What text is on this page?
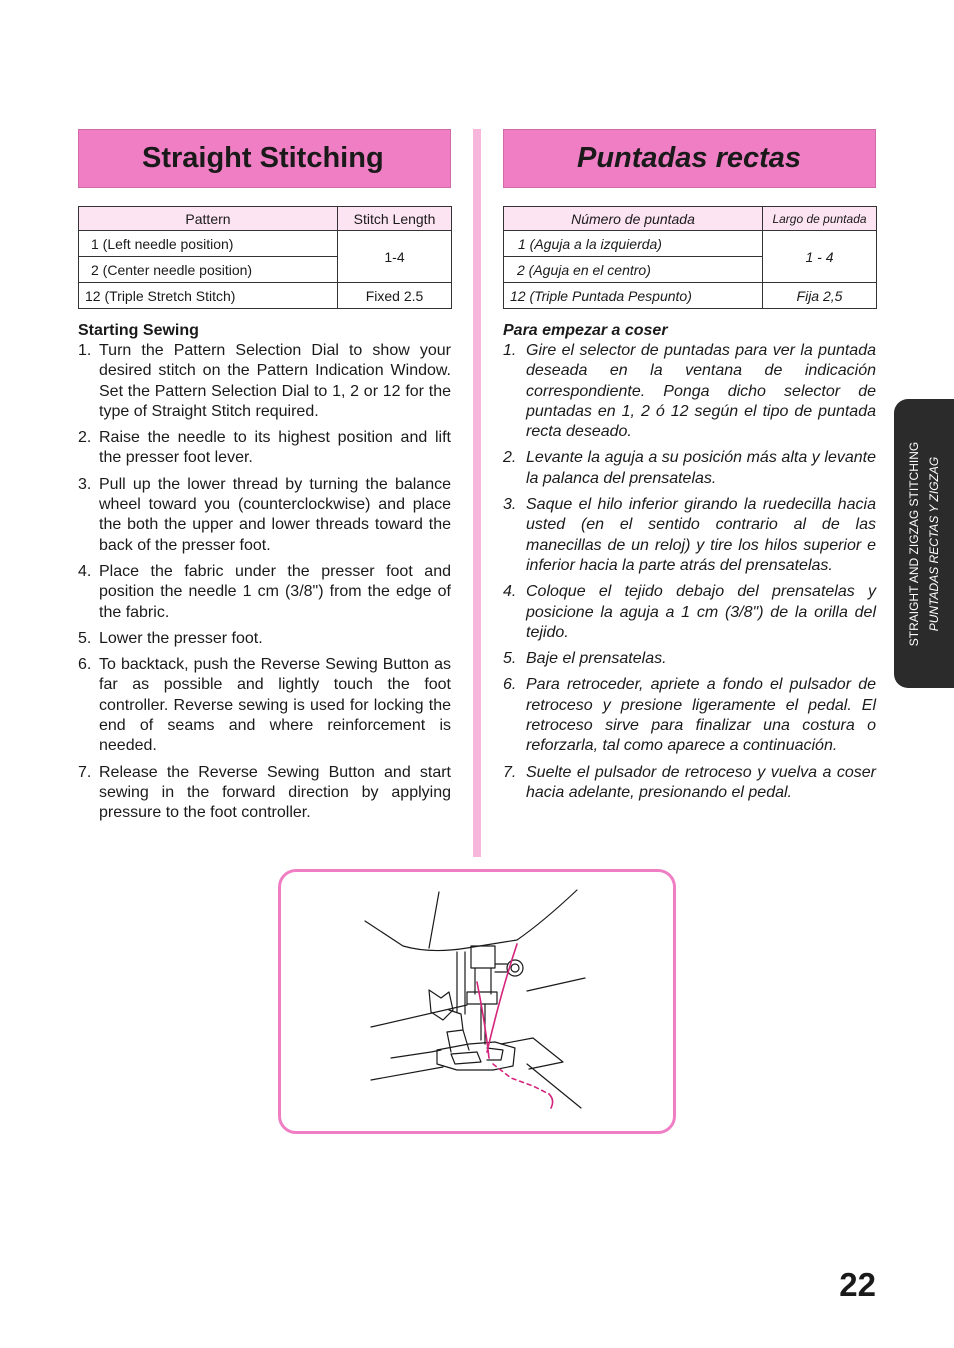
Straight Stitching
Pattern	Stitch Length
1 (Left needle position)	1-4
2 (Center needle position)	
12 (Triple Stretch Stitch)	Fixed 2.5
Starting Sewing
1. Turn the Pattern Selection Dial to show your desired stitch on the Pattern Indication Window. Set the Pattern Selection Dial to 1, 2 or 12 for the type of Straight Stitch required.
2. Raise the needle to its highest position and lift the presser foot lever.
3. Pull up the lower thread by turning the balance wheel toward you (counterclockwise) and place the both the upper and lower threads toward the back of the presser foot.
4. Place the fabric under the presser foot and position the needle 1 cm (3/8") from the edge of the fabric.
5. Lower the presser foot.
6. To backtack, push the Reverse Sewing Button as far as possible and lightly touch the foot controller. Reverse sewing is used for locking the end of seams and where reinforcement is needed.
7. Release the Reverse Sewing Button and start sewing in the forward direction by applying pressure to the foot controller.
Puntadas rectas
Número de puntada	Largo de puntada
1 (Aguja a la izquierda)	1 - 4
2 (Aguja en el centro)	
12 (Triple Puntada Pespunto)	Fija 2,5
Para empezar a coser
1. Gire el selector de puntadas para ver la puntada deseada en la ventana de indicación correspondiente. Ponga dicho selector de puntadas en 1, 2 ó 12 según el tipo de puntada recta deseado.
2. Levante la aguja a su posición más alta y levante la palanca del prensatelas.
3. Saque el hilo inferior girando la ruedecilla hacia usted (en el sentido contrario al de las manecillas de un reloj) y tire los hilos superior e inferior hacia la parte atrás del prensatelas.
4. Coloque el tejido debajo del prensatelas y posicione la aguja a 1 cm (3/8") de la orilla del tejido.
5. Baje el prensatelas.
6. Para retroceder, apriete a fondo el pulsador de retroceso y presione ligeramente el pedal. El retroceso sirve para finalizar una costura o reforzarla, tal como aparece a continuación.
7. Suelte el pulsador de retroceso y vuelva a coser hacia adelante, presionando el pedal.
STRAIGHT AND ZIGZAG STITCHING PUNTADAS RECTAS Y ZIGZAG
22
